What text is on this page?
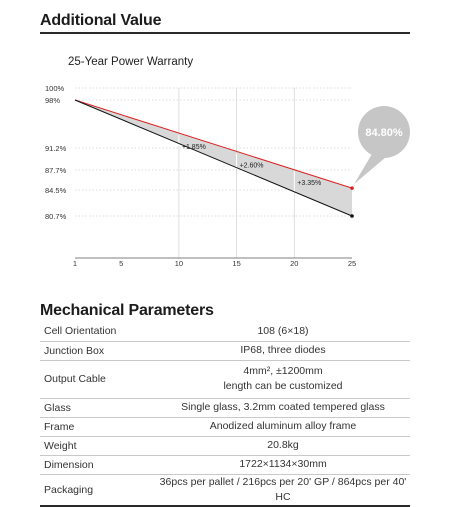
Additional Value
25-Year Power Warranty
100%
98%
91.2%
87.7%
84.5%
80.7%
1	5	10	15	20	25
+1.85%
+2.60%
+3.35%
84.80%
Mechanical Parameters
Cell Orientation	108 (6×18)
Junction Box	IP68, three diodes
Output Cable	4mm², ±1200mm
length can be customized

Glass	Single glass, 3.2mm coated tempered glass
Frame	Anodized aluminum alloy frame
Weight	20.8kg
Dimension	1722×1134×30mm
Packaging	36pcs per pallet / 216pcs per 20' GP / 864pcs per 40' HC
